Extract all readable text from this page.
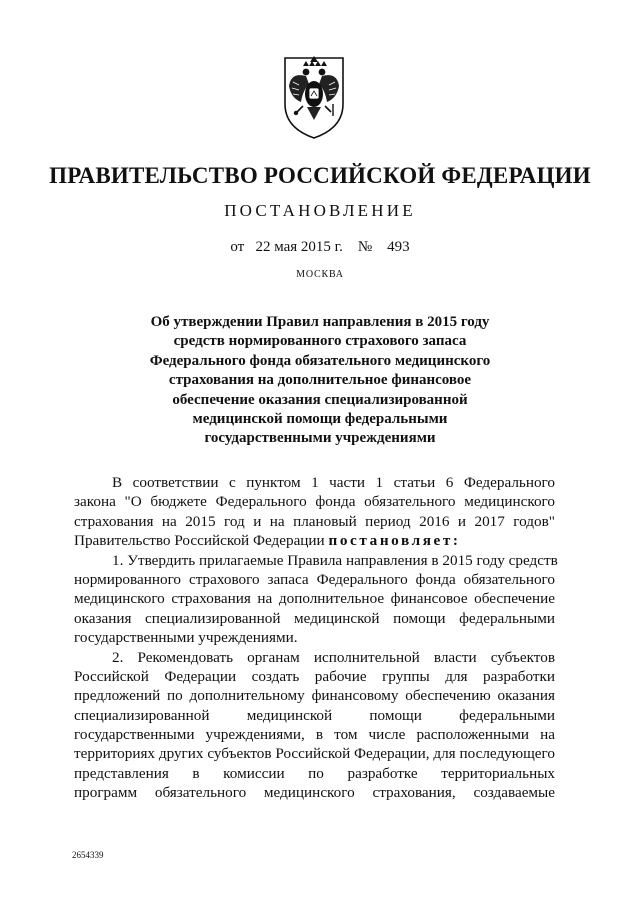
ПРАВИТЕЛЬСТВО РОССИЙСКОЙ ФЕДЕРАЦИИ
ПОСТАНОВЛЕНИЕ
от 22 мая 2015 г. № 493
МОСКВА
Об утверждении Правил направления в 2015 году
средств нормированного страхового запаса
Федерального фонда обязательного медицинского
страхования на дополнительное финансовое
обеспечение оказания специализированной
медицинской помощи федеральными
государственными учреждениями
В соответствии с пунктом 1 части 1 статьи 6 Федерального
закона "О бюджете Федерального фонда обязательного медицинского
страхования на 2015 год и на плановый период 2016 и 2017 годов"
Правительство Российской Федерации постановляет:
1. Утвердить прилагаемые Правила направления в 2015 году средств
нормированного страхового запаса Федерального фонда обязательного
медицинского страхования на дополнительное финансовое обеспечение
оказания специализированной медицинской помощи федеральными
государственными учреждениями.
2. Рекомендовать органам исполнительной власти субъектов
Российской Федерации создать рабочие группы для разработки
предложений по дополнительному финансовому обеспечению оказания
специализированной медицинской помощи федеральными
государственными учреждениями, в том числе расположенными на
территориях других субъектов Российской Федерации, для последующего
представления в комиссии по разработке территориальных
программ обязательного медицинского страхования, создаваемые
2654339
